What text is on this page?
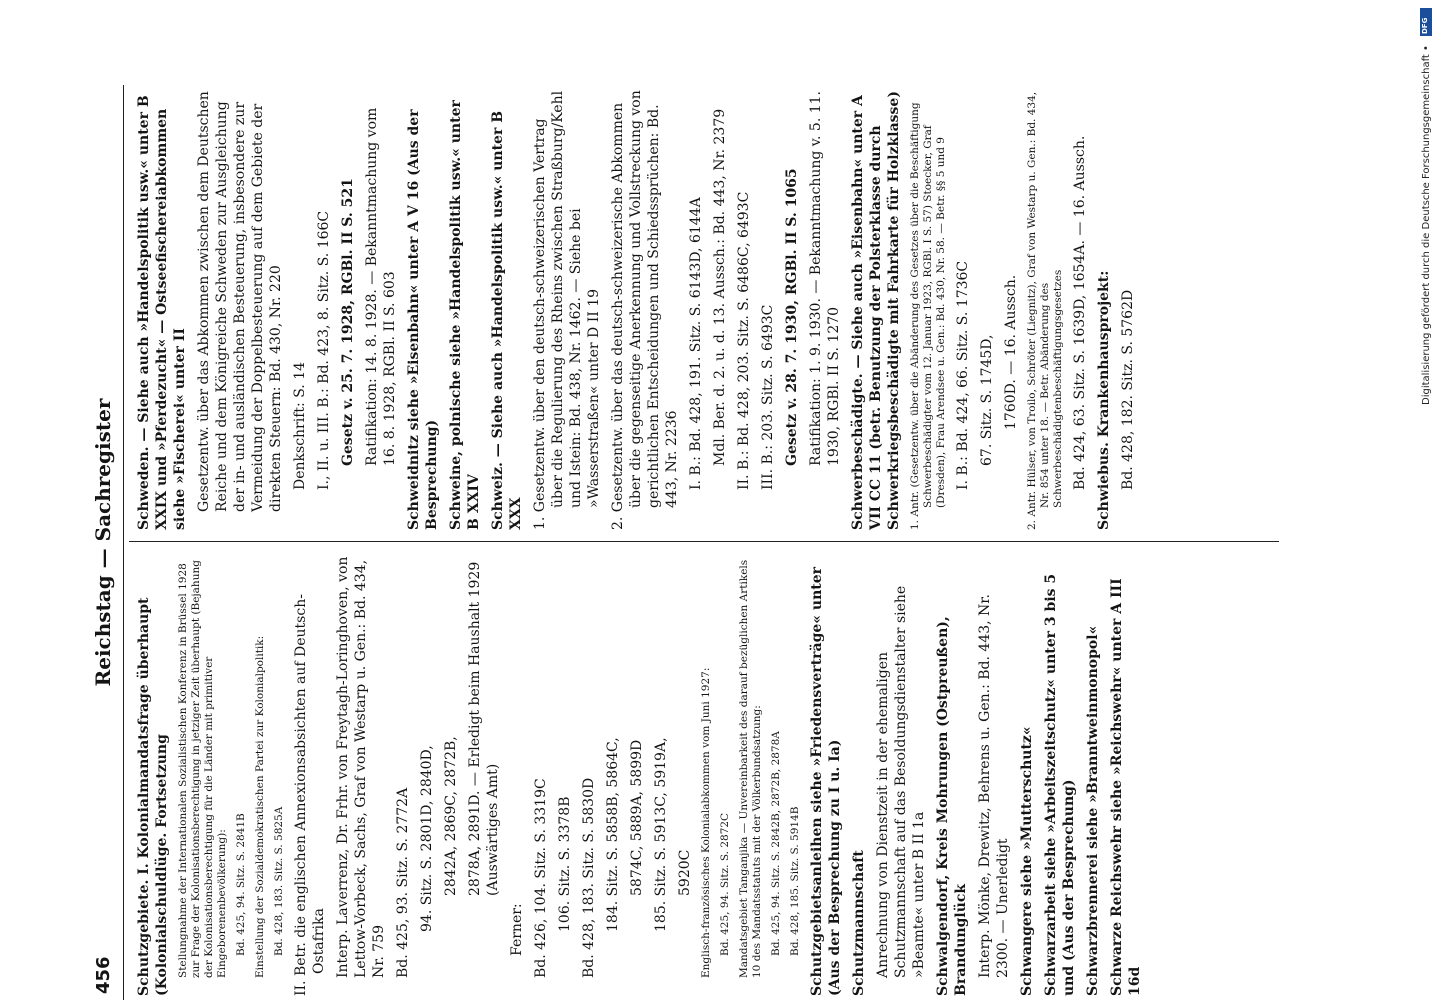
456
Reichstag — Sachregister

Schutzgebiete. I. Kolonialmandatsfrage überhaupt (Kolonialschuldlüge. Fortsetzung Stellungnahme der Internationalen Sozialistischen Konferenz in Brüssel 1928 zur Frage der Kolonisationsberechtigung in jetziger Zeit überhaupt (Bejahung der Kolonisationsberechtigung für die Länder mit primitiver Eingeborenenbevölkerung): Bd. 425, 94. Sitz. S. 2841B Einstellung der Sozialdemokratischen Partei zur Kolonialpolitik: Bd. 428, 183. Sitz. S. 5825A II. Betr. die englischen Annexionsabsichten auf Deutsch-Ostafrika Interp. Laverrenz, Dr. Frhr. von Freytagh-Loringhoven, von Lettow-Vorbeck, Sachs, Graf von Westarp u. Gen.: Bd. 434, Nr. 759 Bd. 425, 93. Sitz. S. 2772A 94. Sitz. S. 2801D, 2840D, 2842A, 2869C, 2872B, 2878A, 2891D. — Erledigt beim Haushalt 1929 (Auswärtiges Amt)

Ferner: Bd. 426, 104. Sitz. S. 3319C 106. Sitz. S. 3378B Bd. 428, 183. Sitz. S. 5830D 184. Sitz. S. 5858B, 5864C, 5874C, 5889A, 5899D 185. Sitz. S. 5913C, 5919A, 5920C Englisch-französisches Kolonialabkommen vom Juni 1927: Bd. 425, 94. Sitz. S. 2872C Mandatsgebiet Tanganjika — Unvereinbarkeit des darauf bezüglichen Artikels 10 des Mandatsstatuts mit der Völkerbundsatzung: Bd. 425, 94. Sitz. S. 2842B, 2872B, 2878A Bd. 428, 185. Sitz. S. 5914B Schutzgebietsanleihen siehe »Friedensverträge« unter (Aus der Besprechung zu I u. Ia) Schutzmannschaft Anrechnung von Dienstzeit in der ehemaligen Schutzmannschaft auf das Besoldungsdienstalter siehe »Beamte« unter B II 1a Schwalgendorf, Kreis Mohrungen (Ostpreußen), Brandunglück Interp. Mönke, Drewitz, Behrens u. Gen.: Bd. 443, Nr. 2300. — Unerledigt Schwangere siehe »Mutterschutz« Schwarzarbeit siehe »Arbeitszeitschutz« unter 3 bis 5 und (Aus der Besprechung) Schwarzbrennerei siehe »Branntweinmonopol« Schwarze Reichswehr siehe »Reichswehr« unter A III 16d

Schweden. — Siehe auch »Handelspolitik usw.« unter B XXIX und »Pferdezucht« — Ostseefischereiabkommen siehe »Fischerei« unter II Gesetzentw. über das Abkommen zwischen dem Deutschen Reiche und dem Königreiche Schweden zur Ausgleichung der in- und ausländischen Besteuerung, insbesondere zur Vermeidung der Doppelbesteuerung auf dem Gebiete der direkten Steuern: Bd. 430, Nr. 220 Denkschrift: S. 14 I., II. u. III. B.: Bd. 423, 8. Sitz. S. 166C Gesetz v. 25. 7. 1928, RGBl. II S. 521 Ratifikation: 14. 8. 1928. — Bekanntmachung vom 16. 8. 1928, RGBl. II S. 603 Schweidnitz siehe »Eisenbahn« unter A V 16 (Aus der Besprechung) Schweine, polnische siehe »Handelspolitik usw.« unter B XXIV Schweiz. — Siehe auch »Handelspolitik usw.« unter B XXX 1. Gesetzentw. über den deutsch-schweizerischen Vertrag über die Regulierung des Rheins zwischen Straßburg/Kehl und Istein: Bd. 438, Nr. 1462. — Siehe bei »Wasserstraßen« unter D II 19 2. Gesetzentw. über das deutsch-schweizerische Abkommen über die gegenseitige Anerkennung und Vollstreckung von gerichtlichen Entscheidungen und Schiedssprüchen: Bd. 443, Nr. 2236 I. B.: Bd. 428, 191. Sitz. S. 6143D, 6144A Mdl. Ber. d. 2. u. d. 13. Aussch.: Bd. 443, Nr. 2379 II. B.: Bd. 428, 203. Sitz. S. 6486C, 6493C III. B.: 203. Sitz. S. 6493C Gesetz v. 28. 7. 1930, RGBl. II S. 1065 Ratifikation: 1. 9. 1930. — Bekanntmachung v. 5. 11. 1930, RGBl. II S. 1270 Schwerbeschädigte. — Siehe auch »Eisenbahn« unter A VII CC 11 (betr. Benutzung der Polsterklasse durch Schwerkriegsbeschädigte mit Fahrkarte für Holzklasse) 1. Antr. (Gesetzentw. über die Abänderung des Gesetzes über die Beschäftigung Schwerbeschädigter vom 12. Januar 1923, RGBl. I S. 57) Stoecker, Graf (Dresden), Frau Arendsee u. Gen.: Bd. 430, Nr. 58. — Betr. §§ 5 und 9 I. B.: Bd. 424, 66. Sitz. S. 1736C 67. Sitz. S. 1745D, 1760D. — 16. Aussch. 2. Antr. Hülser, von Troilo, Schröter (Liegnitz), Graf von Westarp u. Gen.: Bd. 434, Nr. 854 unter 18. — Betr. Abänderung des Schwerbeschädigtenbeschäftigungsgesetzes Bd. 424, 63. Sitz. S. 1639D, 1654A. — 16. Aussch. Schwiebus. Krankenhausprojekt: Bd. 428, 182. Sitz. S. 5762D

DFG
Digitalisierung gefördert durch die Deutsche Forschungsgemeinschaft •
